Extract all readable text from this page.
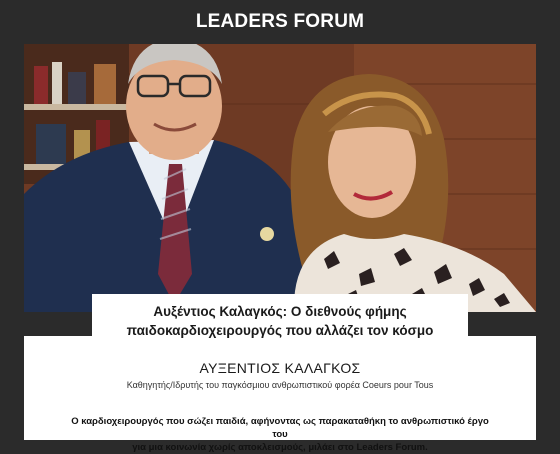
LEADERS FORUM
Αυξέντιος Καλαγκός: Ο διεθνούς φήμης
παιδοκαρδιοχειρουργός που αλλάζει τον κόσμο
ΑΥΞΕΝΤΙΟΣ ΚΑΛΑΓΚΟΣ
Καθηγητής/Ιδρυτής του παγκόσμιου ανθρωπιστικού φορέα Coeurs pour Tous
Ο καρδιοχειρουργός που σώζει παιδιά, αφήνοντας ως παρακαταθήκη το ανθρωπιστικό έργο του
για μια κοινωνία χωρίς αποκλεισμούς, μιλάει στο Leaders Forum.
